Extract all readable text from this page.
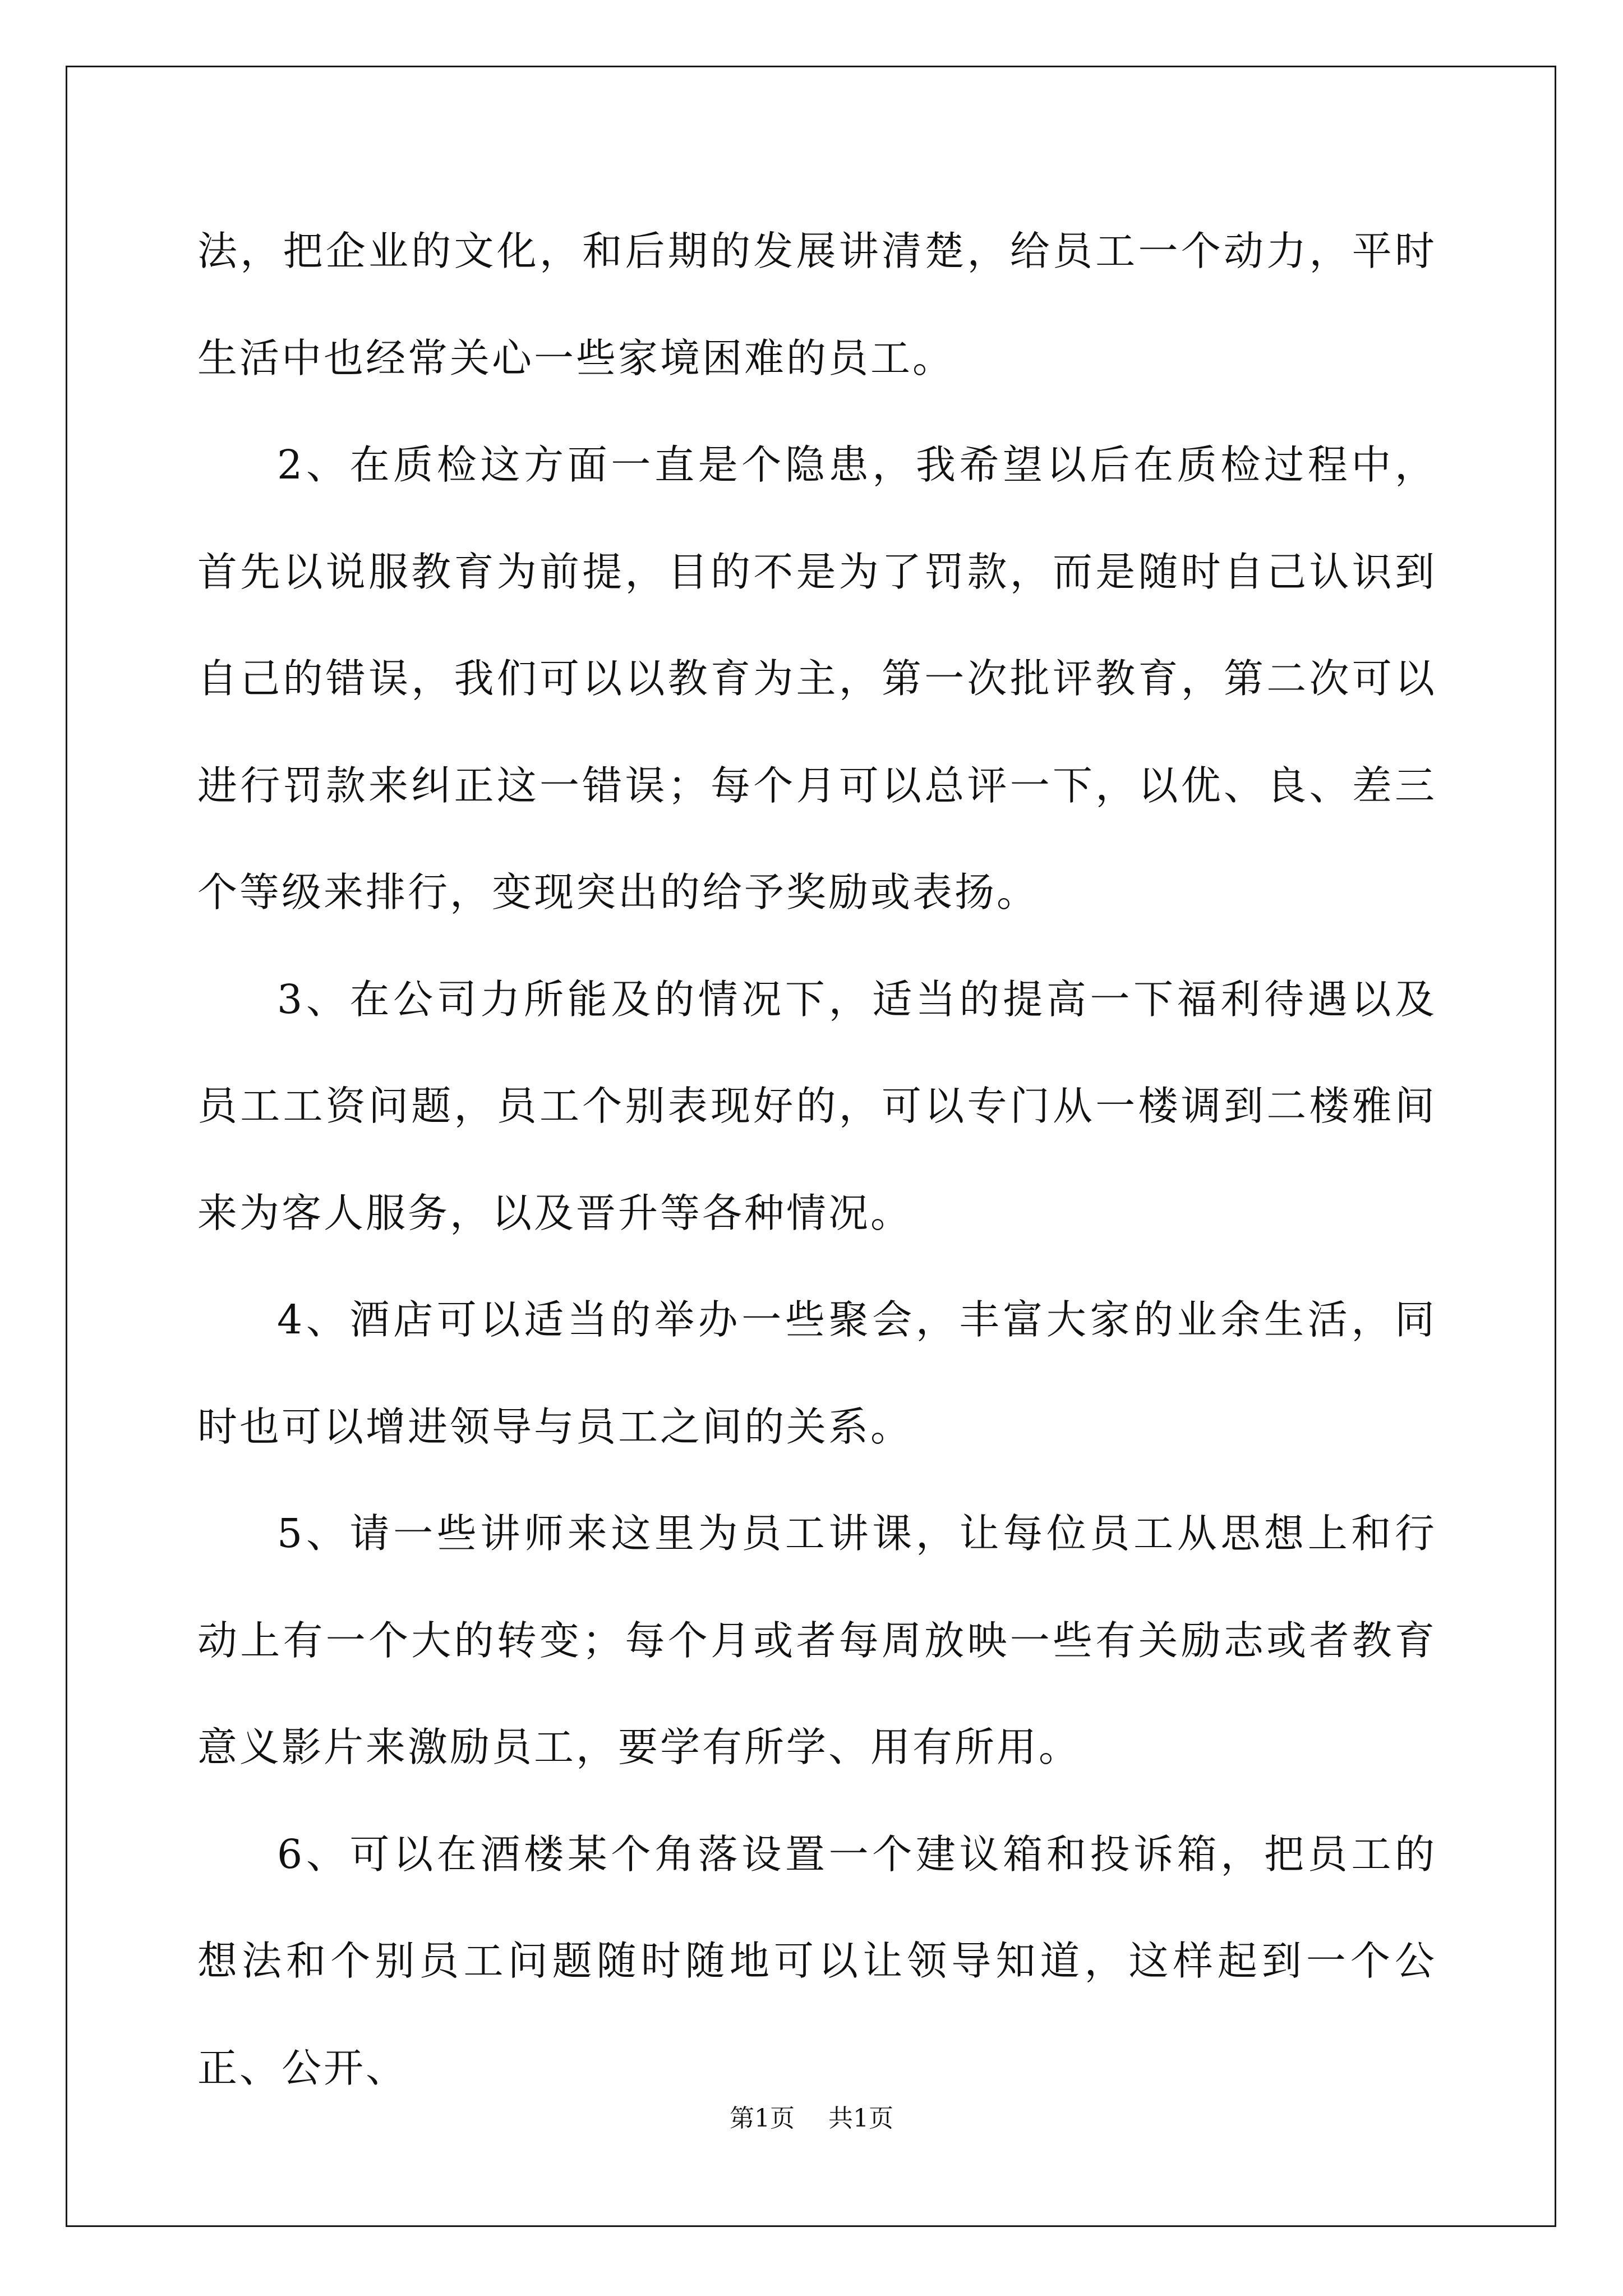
法，把企业的文化，和后期的发展讲清楚，给员工一个动力，平时生活中也经常关心一些家境困难的员工。

2、在质检这方面一直是个隐患，我希望以后在质检过程中，首先以说服教育为前提，目的不是为了罚款，而是随时自己认识到自己的错误，我们可以以教育为主，第一次批评教育，第二次可以进行罚款来纠正这一错误；每个月可以总评一下，以优、良、差三个等级来排行，变现突出的给予奖励或表扬。

3、在公司力所能及的情况下，适当的提高一下福利待遇以及员工工资问题，员工个别表现好的，可以专门从一楼调到二楼雅间来为客人服务，以及晋升等各种情况。

4、酒店可以适当的举办一些聚会，丰富大家的业余生活，同时也可以增进领导与员工之间的关系。

5、请一些讲师来这里为员工讲课，让每位员工从思想上和行动上有一个大的转变；每个月或者每周放映一些有关励志或者教育意义影片来激励员工，要学有所学、用有所用。

6、可以在酒楼某个角落设置一个建议箱和投诉箱，把员工的想法和个别员工问题随时随地可以让领导知道，这样起到一个公正、公开、

第1页 共1页
